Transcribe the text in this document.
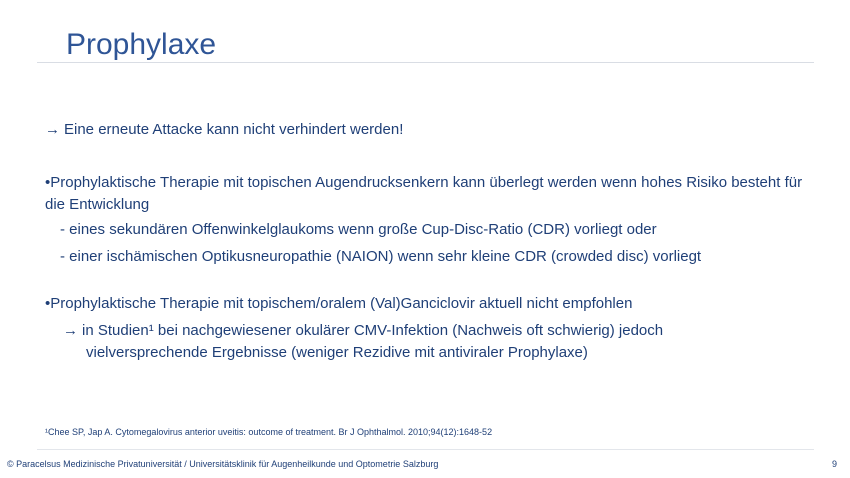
Prophylaxe
→ Eine erneute Attacke kann nicht verhindert werden!
•Prophylaktische Therapie mit topischen Augendrucksenkern kann überlegt werden wenn hohes Risiko besteht für die Entwicklung
- eines sekundären Offenwinkelglaukoms wenn große Cup-Disc-Ratio (CDR) vorliegt oder
- einer ischämischen Optikusneuropathie (NAION) wenn sehr kleine CDR (crowded disc) vorliegt
•Prophylaktische Therapie mit topischem/oralem (Val)Ganciclovir aktuell nicht empfohlen
→ in Studien¹ bei nachgewiesener okulärer CMV-Infektion (Nachweis oft schwierig) jedoch
vielversprechende Ergebnisse (weniger Rezidive mit antiviraler Prophylaxe)
¹Chee SP, Jap A. Cytomegalovirus anterior uveitis: outcome of treatment. Br J Ophthalmol. 2010;94(12):1648-52
© Paracelsus Medizinische Privatuniversität / Universitätsklinik für Augenheilkunde und Optometrie Salzburg	9
